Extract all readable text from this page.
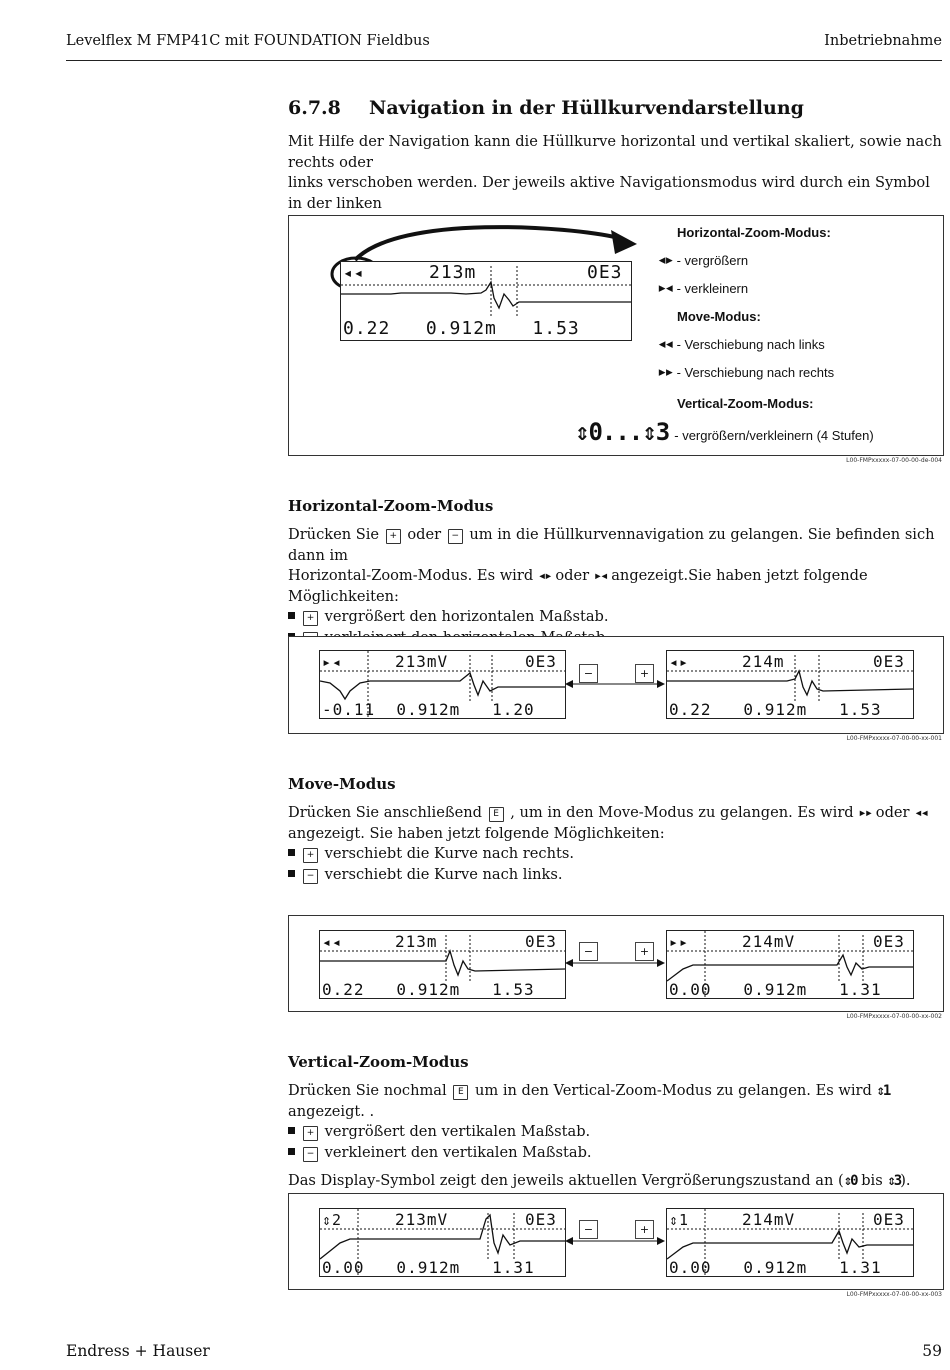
Levelflex M FMP41C mit FOUNDATION Fieldbus	Inbetriebnahme
6.7.8 Navigation in der Hüllkurvendarstellung
Mit Hilfe der Navigation kann die Hüllkurve horizontal und vertikal skaliert, sowie nach rechts oder
links verschoben werden. Der jeweils aktive Navigationsmodus wird durch ein Symbol in der linken
◂◂	213m	0E3
0.22   0.912m   1.53
Horizontal-Zoom-Modus:
◂▸ - vergrößern
▸◂ - verkleinern
Move-Modus:
◂◂ - Verschiebung nach links
▸▸ - Verschiebung nach rechts
Vertical-Zoom-Modus:
⇕0...⇕3 - vergrößern/verkleinern (4 Stufen)
L00-FMPxxxxx-07-00-00-de-004
Horizontal-Zoom-Modus
Drücken Sie + oder − um in die Hüllkurvennavigation zu gelangen. Sie befinden sich dann im
Horizontal-Zoom-Modus. Es wird ◂▸ oder ▸◂ angezeigt.Sie haben jetzt folgende Möglichkeiten:
+ vergrößert den horizontalen Maßstab.
▸◂	213mV	0E3
-0.11  0.912m   1.20
−	+
◂▸	214m	0E3
0.22   0.912m   1.53
L00-FMPxxxxx-07-00-00-xx-001
Move-Modus
Drücken Sie anschließend E , um in den Move-Modus zu gelangen. Es wird ▸▸ oder ◂◂
angezeigt. Sie haben jetzt folgende Möglichkeiten:
+ verschiebt die Kurve nach rechts.
− verschiebt die Kurve nach links.
◂◂	213m	0E3
0.22   0.912m   1.53
−	+
▸▸	214mV	0E3
0.00   0.912m   1.31
L00-FMPxxxxx-07-00-00-xx-002
Vertical-Zoom-Modus
Drücken Sie nochmal E um in den Vertical-Zoom-Modus zu gelangen. Es wird ⇕1 angezeigt. .
+ vergrößert den vertikalen Maßstab.
− verkleinert den vertikalen Maßstab.
Das Display-Symbol zeigt den jeweils aktuellen Vergrößerungszustand an (⇕0 bis ⇕3).
⇕2	213mV	0E3
0.00   0.912m   1.31
−	+
⇕1	214mV	0E3
0.00   0.912m   1.31
L00-FMPxxxxx-07-00-00-xx-003
Endress + Hauser	59
